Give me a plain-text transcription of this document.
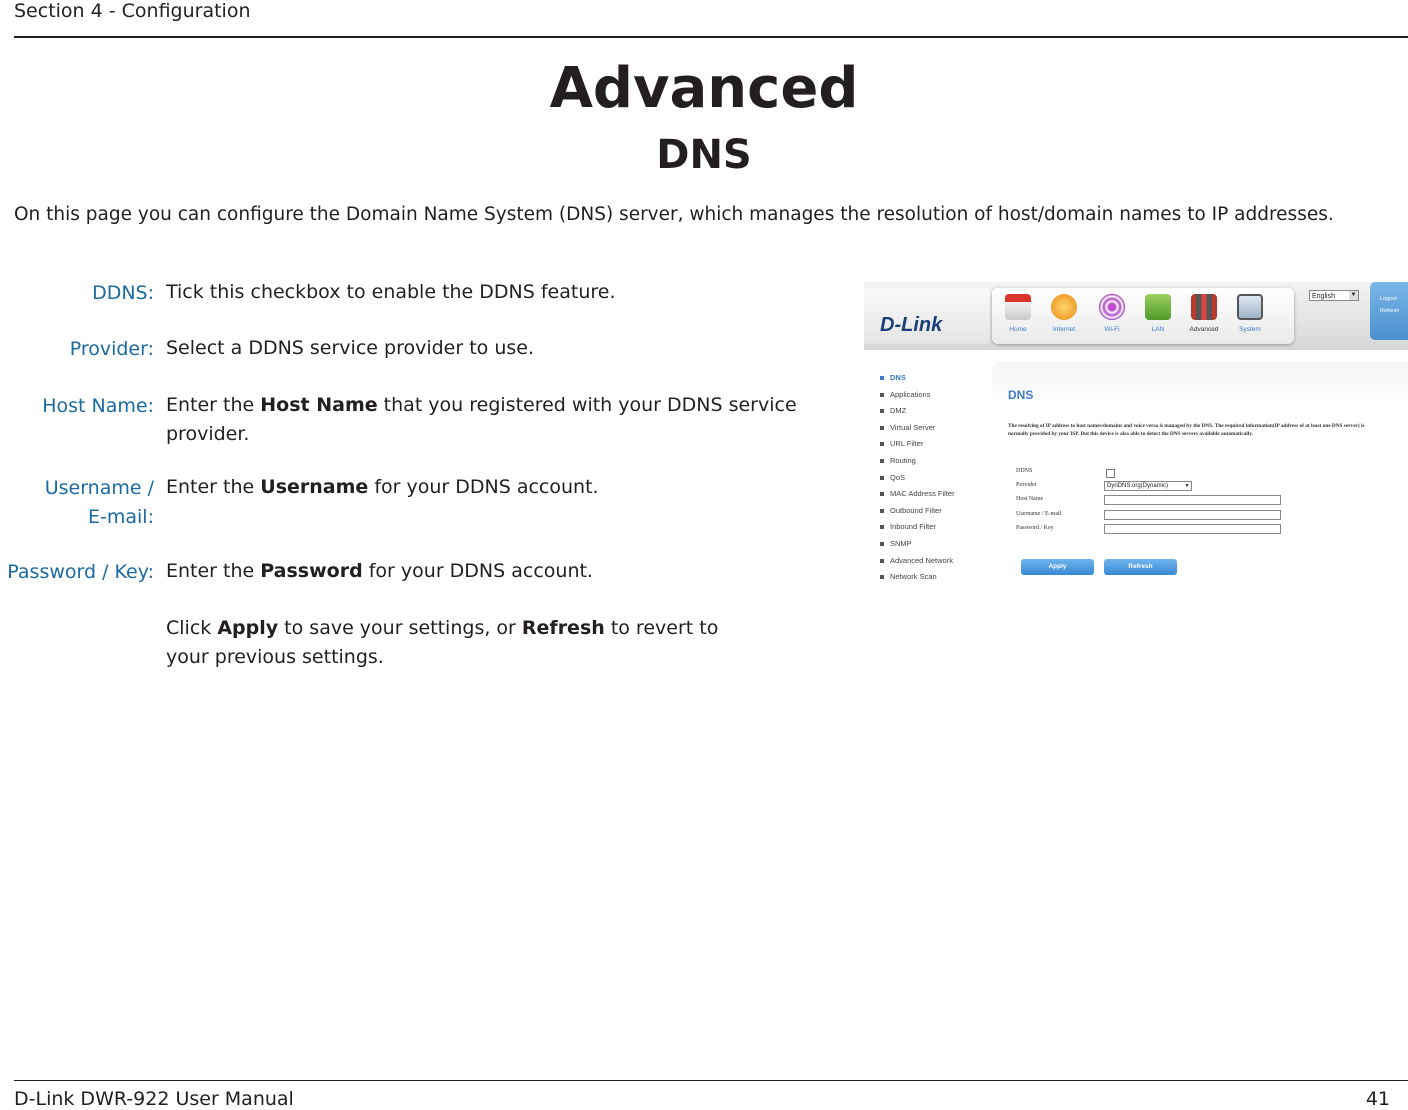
Section 4 - Conﬁguration
Advanced
DNS
On this page you can conﬁgure the Domain Name System (DNS) server, which manages the resolution of host/domain names to IP addresses.
DDNS: Tick this checkbox to enable the DDNS feature.
Provider: Select a DDNS service provider to use.
Host Name: Enter the Host Name that you registered with your DDNS service provider.
Username /
E-mail:
Enter the Username for your DDNS account.
Password / Key: Enter the Password for your DDNS account.
Click Apply to save your settings, or Refresh to revert to your previous settings.
D-Link	Home	Internet	Wi-Fi	LAN	Advanced	System
English	▼
Logout
Refresh
DNS
Applications
DMZ
Virtual Server
URL Filter
Routing
QoS
MAC Address Filter
Outbound Filter
Inbound Filter
SNMP
Advanced Network
Network Scan
DNS
The resolving of IP address to host names/domains and voice versa is managed by the DNS. The required information(IP address of at least one DNS server) is normally provided by your ISP. But this device is also able to detect the DNS servers available automatically.
DDNS
Provider	DynDNS.org(Dynamic)	▼
Host Name
Username / E-mail
Password / Key
Apply	Refresh
D-Link DWR-922 User Manual	41
